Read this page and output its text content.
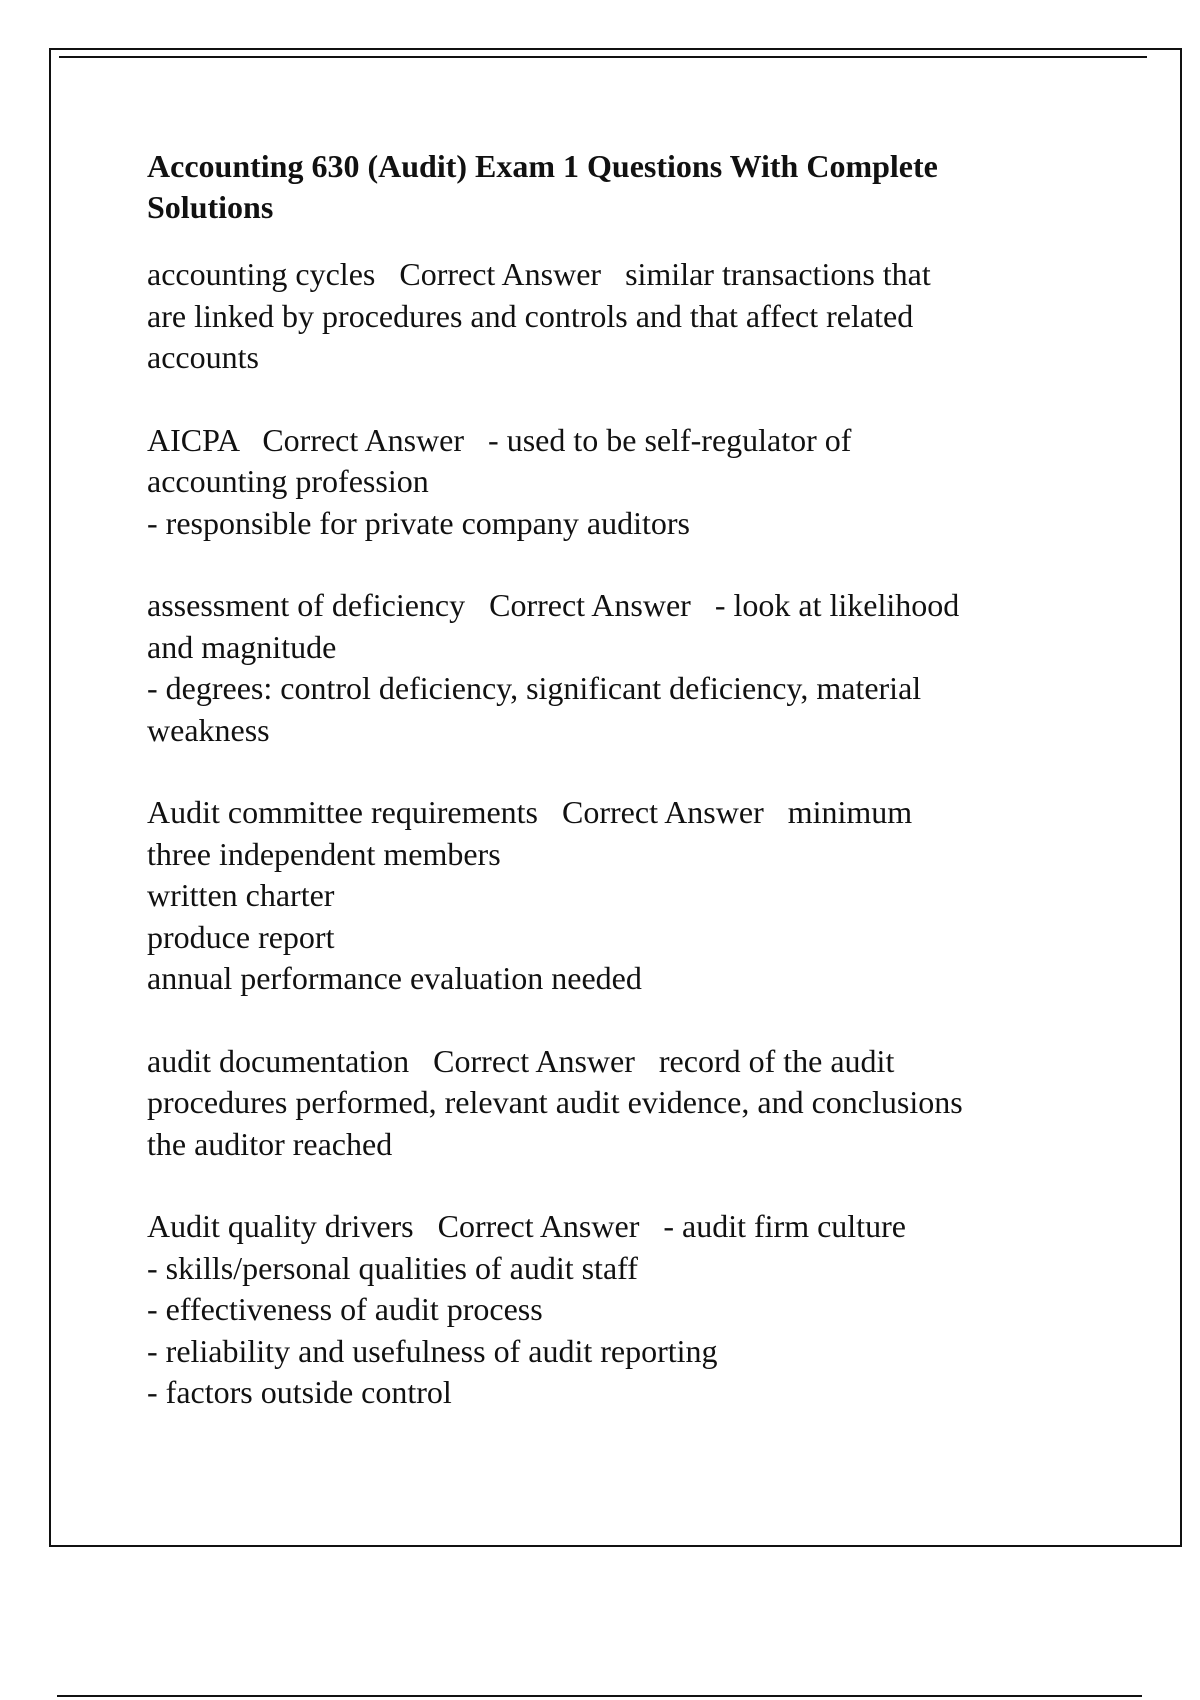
Accounting 630 (Audit) Exam 1 Questions With Complete
Solutions
accounting cycles   Correct Answer   similar transactions that
are linked by procedures and controls and that affect related
accounts
AICPA   Correct Answer   - used to be self-regulator of
accounting profession
- responsible for private company auditors
assessment of deficiency   Correct Answer   - look at likelihood
and magnitude
- degrees: control deficiency, significant deficiency, material
weakness
Audit committee requirements   Correct Answer   minimum
three independent members
written charter
produce report
annual performance evaluation needed
audit documentation   Correct Answer   record of the audit
procedures performed, relevant audit evidence, and conclusions
the auditor reached
Audit quality drivers   Correct Answer   - audit firm culture
- skills/personal qualities of audit staff
- effectiveness of audit process
- reliability and usefulness of audit reporting
- factors outside control
